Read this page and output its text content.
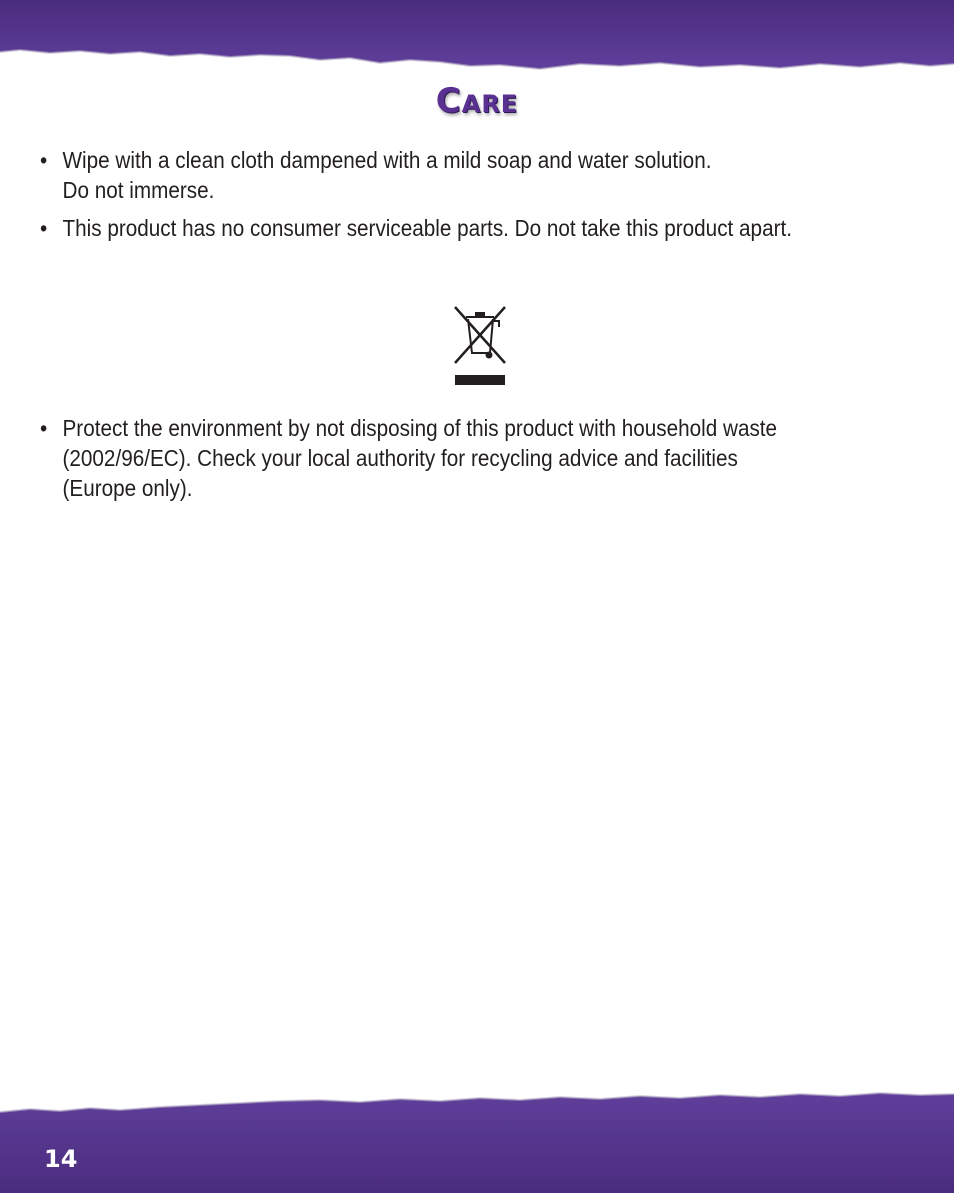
Care
• Wipe with a clean cloth dampened with a mild soap and water solution.
Do not immerse.
• This product has no consumer serviceable parts. Do not take this product apart.
• Protect the environment by not disposing of this product with household waste
(2002/96/EC). Check your local authority for recycling advice and facilities
(Europe only).
14
